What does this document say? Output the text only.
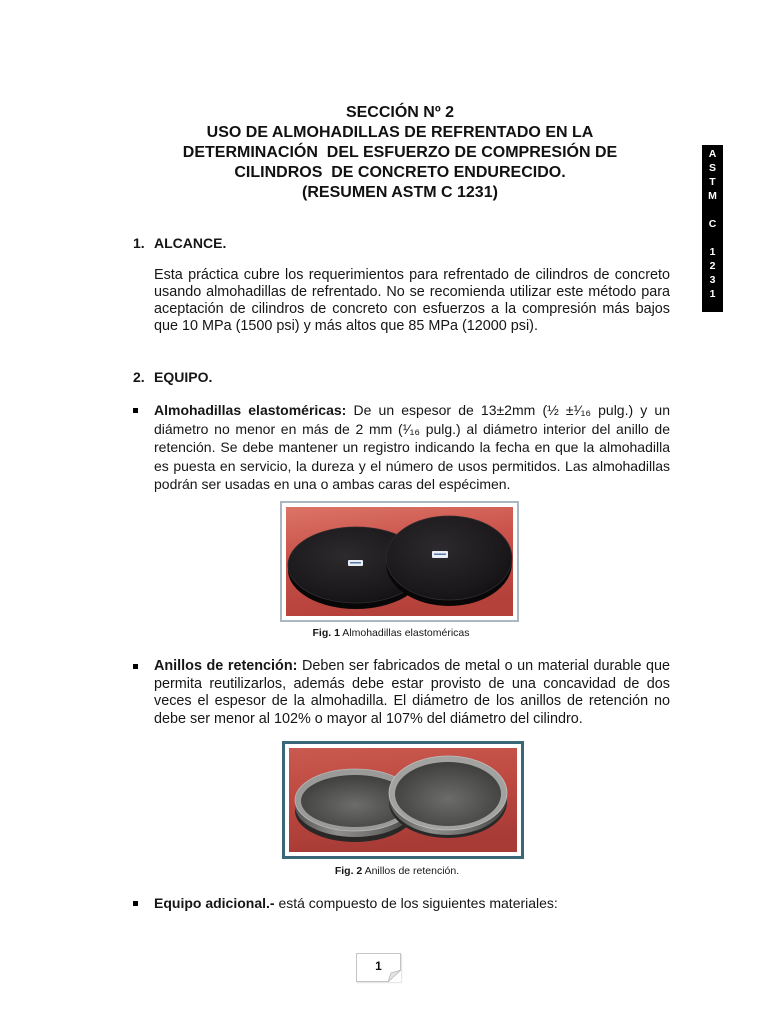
SECCIÓN Nº 2
USO DE ALMOHADILLAS DE REFRENTADO EN LA
DETERMINACIÓN  DEL ESFUERZO DE COMPRESIÓN DE
CILINDROS  DE CONCRETO ENDURECIDO.
(RESUMEN ASTM C 1231)
ASTM
C
1231
1. ALCANCE.

Esta práctica cubre los requerimientos para refrentado de cilindros de concreto usando almohadillas de refrentado. No se recomienda utilizar este método para aceptación de cilindros de concreto con esfuerzos a la compresión más bajos que 10 MPa (1500 psi) y más altos que 85 MPa (12000 psi).

2. EQUIPO.

Almohadillas elastoméricas: De un espesor de 13±2mm (½ ±¹⁄₁₆ pulg.) y un diámetro no menor en más de 2 mm (¹⁄₁₆ pulg.) al diámetro interior del anillo de retención. Se debe mantener un registro indicando la fecha en que la almohadilla es puesta en servicio, la dureza y el número de usos permitidos. Las almohadillas podrán ser usadas en una o ambas caras del espécimen.

Fig. 1 Almohadillas elastoméricas

Anillos de retención: Deben ser fabricados de metal o un material durable que permita reutilizarlos, además debe estar provisto de una concavidad de dos veces el espesor de la almohadilla. El diámetro de los anillos de retención no debe ser menor al 102% o mayor al 107% del diámetro del cilindro.

Fig. 2 Anillos de retención.

Equipo adicional.- está compuesto de los siguientes materiales:

1
